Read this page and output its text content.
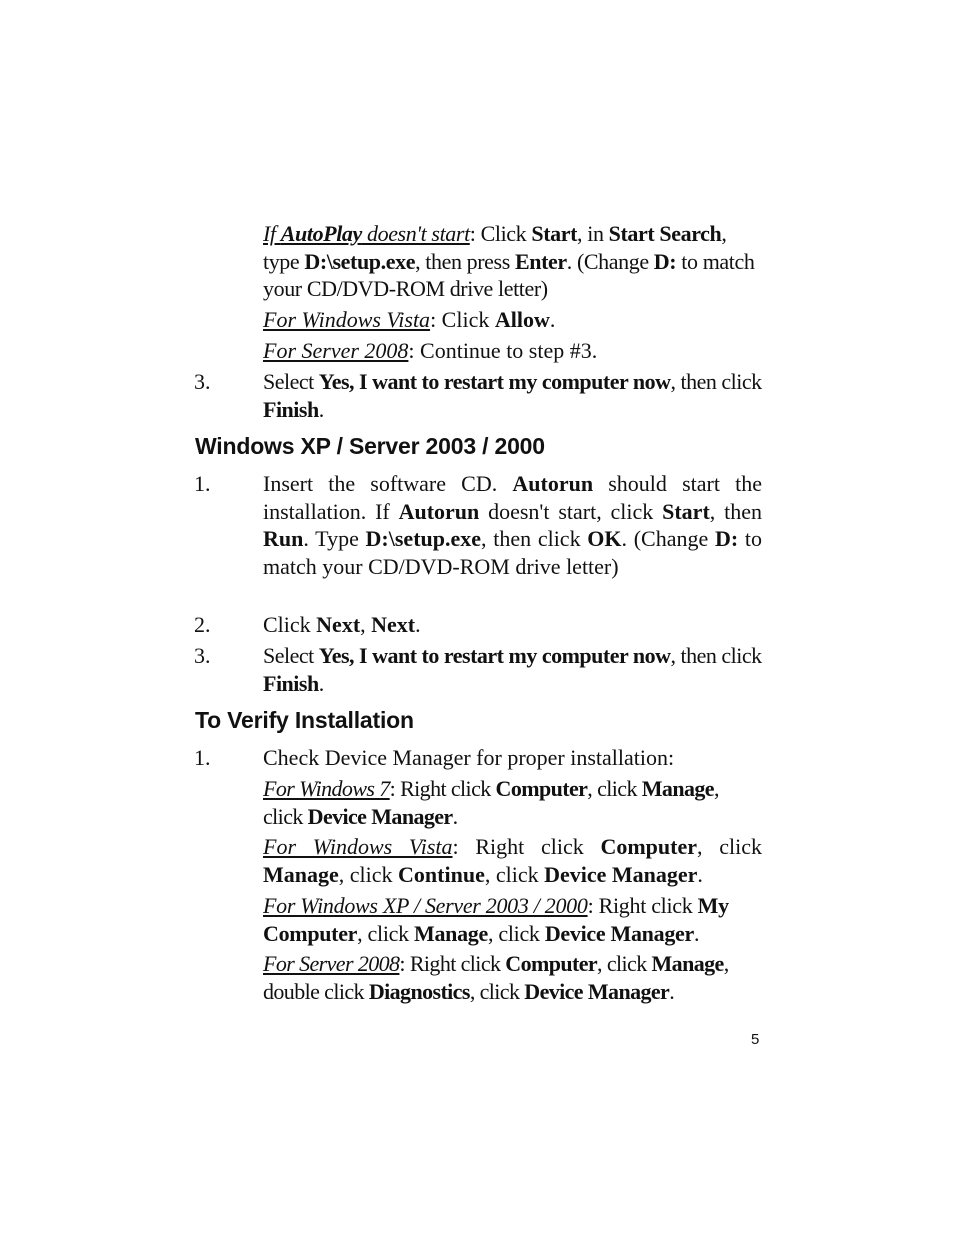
If AutoPlay doesn't start: Click Start, in Start Search, type D:\setup.exe, then press Enter. (Change D: to match your CD/DVD-ROM drive letter)
For Windows Vista: Click Allow.
For Server 2008: Continue to step #3.
3. Select Yes, I want to restart my computer now, then click Finish.
Windows XP / Server 2003 / 2000
1. Insert the software CD. Autorun should start the installation. If Autorun doesn't start, click Start, then Run. Type D:\setup.exe, then click OK. (Change D: to match your CD/DVD-ROM drive letter)
2. Click Next, Next.
3. Select Yes, I want to restart my computer now, then click Finish.
To Verify Installation
1. Check Device Manager for proper installation:
For Windows 7: Right click Computer, click Manage, click Device Manager.
For Windows Vista: Right click Computer, click Manage, click Continue, click Device Manager.
For Windows XP / Server 2003 / 2000: Right click My Computer, click Manage, click Device Manager.
For Server 2008: Right click Computer, click Manage, double click Diagnostics, click Device Manager.
5
